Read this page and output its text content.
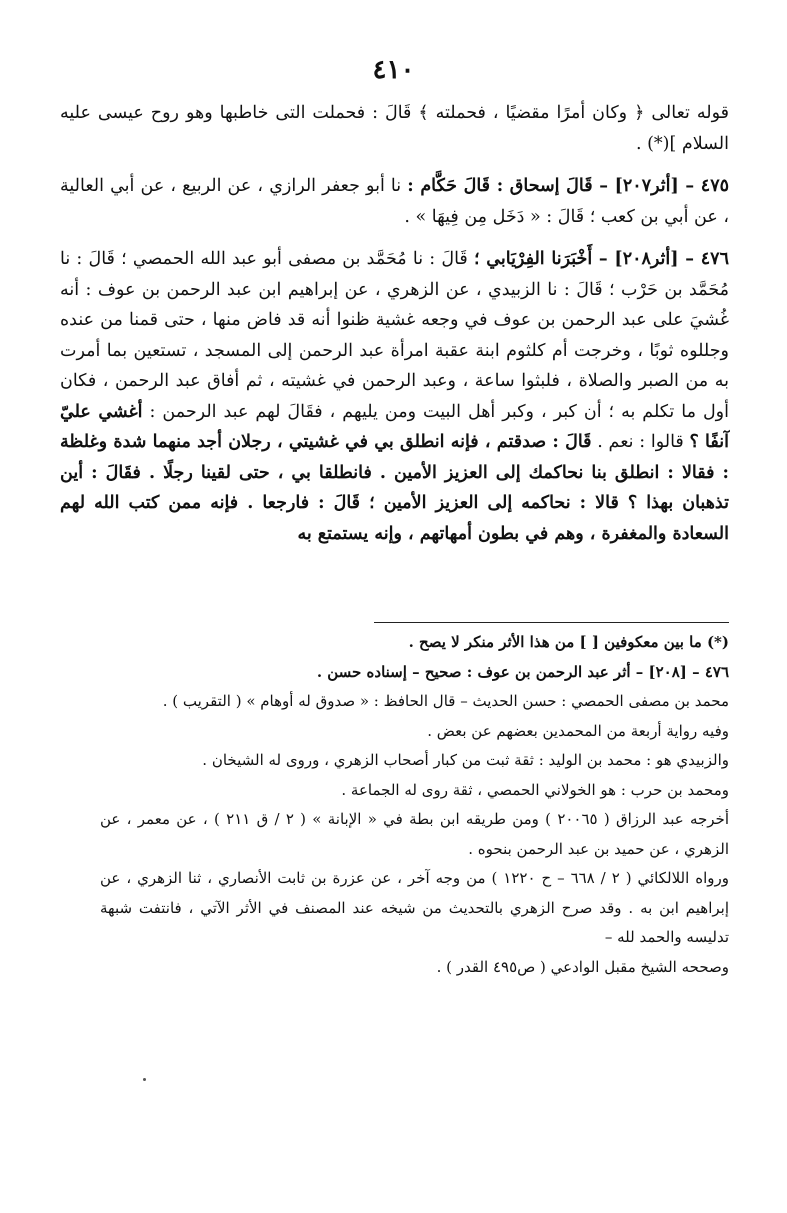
٤١٠

قوله تعالى ﴿ وكان أمرًا مقضيًا ، فحملته ﴾ قَالَ : فحملت التى خاطبها وهو روح عيسى عليه السلام ](*) .

٤٧٥ – [أثر٢٠٧] – قَالَ إسحاق : قَالَ حَكَّام : نا أبو جعفر الرازي ، عن الربيع ، عن أبي العالية ، عن أبي بن كعب ؛ قَالَ : « دَخَل مِن فِيهَا » .

٤٧٦ – [أثر٢٠٨] – أَخْبَرَنا الفِرْيَابي ؛ قَالَ : نا مُحَمَّد بن مصفى أبو عبد الله الحمصي ؛ قَالَ : نا مُحَمَّد بن حَرْب ؛ قَالَ : نا الزبيدي ، عن الزهري ، عن إبراهيم ابن عبد الرحمن بن عوف : أنه غُشيَ على عبد الرحمن بن عوف في وجعه غشية ظنوا أنه قد فاض منها ، حتى قمنا من عنده وجللوه ثوبًا ، وخرجت أم كلثوم ابنة عقبة امرأة عبد الرحمن إلى المسجد ، تستعين بما أمرت به من الصبر والصلاة ، فلبثوا ساعة ، وعبد الرحمن في غشيته ، ثم أفاق عبد الرحمن ، فكان أول ما تكلم به ؛ أن كبر ، وكبر أهل البيت ومن يليهم ، فقَالَ لهم عبد الرحمن : أغشي عليّ آنفًا ؟ قالوا : نعم . قَالَ : صدقتم ، فإنه انطلق بي في غشيتي ، رجلان أجد منهما شدة وغلظة : فقالا : انطلق بنا نحاكمك إلى العزيز الأمين . فانطلقا بي ، حتى لقينا رجلًا . فقَالَ : أين تذهبان بهذا ؟ قالا : نحاكمه إلى العزيز الأمين ؛ قَالَ : فارجعا . فإنه ممن كتب الله لهم السعادة والمغفرة ، وهم في بطون أمهاتهم ، وإنه يستمتع به

(*) ما بين معكوفين [ ] من هذا الأثر منكر لا يصح .

٤٧٦ – [٢٠٨] – أثر عبد الرحمن بن عوف : صحيح – إسناده حسن .

محمد بن مصفى الحمصي : حسن الحديث – قال الحافظ : « صدوق له أوهام » ( التقريب ) .

وفيه رواية أربعة من المحمدين بعضهم عن بعض .

والزبيدي هو : محمد بن الوليد : ثقة ثبت من كبار أصحاب الزهري ، وروى له الشيخان .

ومحمد بن حرب : هو الخولاني الحمصي ، ثقة روى له الجماعة .

أخرجه عبد الرزاق ( ٢٠٠٦٥ ) ومن طريقه ابن بطة في « الإبانة » ( ٢ / ق ٢١١ ) ، عن معمر ، عن الزهري ، عن حميد بن عبد الرحمن بنحوه .

ورواه اللالكائي ( ٢ / ٦٦٨ – ح ١٢٢٠ ) من وجه آخر ، عن عزرة بن ثابت الأنصاري ، ثنا الزهري ، عن إبراهيم ابن به . وقد صرح الزهري بالتحديث من شيخه عند المصنف في الأثر الآتي ، فانتفت شبهة تدليسه والحمد لله –

وصححه الشيخ مقبل الوادعي ( ص٤٩٥ القدر ) .
